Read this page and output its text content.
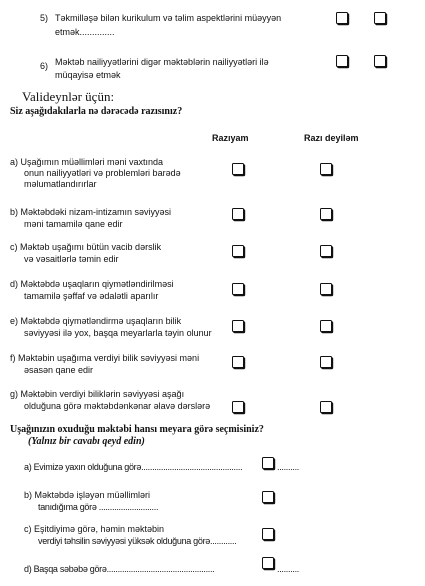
5) Təkmilləşə bilən kurikulum və təlim aspektlərini müəyyən
etmək..............
6) Məktəb nailiyyətlərini digər məktəblərin nailiyyətləri ilə
müqayisə etmək
Valideynlər üçün:
Siz aşağıdakılarla nə dərəcədə razısınız?
Razıyam	Razı deyiləm
a) Uşağımın müəllimləri məni vaxtında
onun nailiyyətləri və problemləri barədə
məlumatlandırırlar
b) Məktəbdəki nizam-intizamın səviyyəsi
məni tamamilə qane edir
c) Məktəb uşağımı bütün vacib dərslik
və vəsaitlərlə təmin edir
d) Məktəbdə uşaqların qiymətləndirilməsi
tamamilə şəffaf və ədalətli aparılır
e) Məktəbdə qiymətləndirmə uşaqların bilik
səviyyəsi ilə yox, başqa meyarlarla təyin olunur
f) Məktəbin uşağıma verdiyi bilik səviyyəsi məni
əsasən qane edir
g) Məktəbin verdiyi biliklərin səviyyəsi aşağı
olduğuna görə məktəbdənkənar əlavə dərslərə
Uşağınızın oxuduğu məktəbi hansı meyara görə seçmisiniz?
(Yalnız bir cavabı qeyd edin)
a) Evimizə yaxın olduğuna görə..............................................	..........
b) Məktəbdə işləyən müəllimləri
tanıdığıma görə ...........................
c) Eşitdiyimə görə, həmin məktəbin
verdiyi təhsilin səviyyəsi yüksək olduğuna görə............
d) Başqa səbəbə görə.................................................	..........
